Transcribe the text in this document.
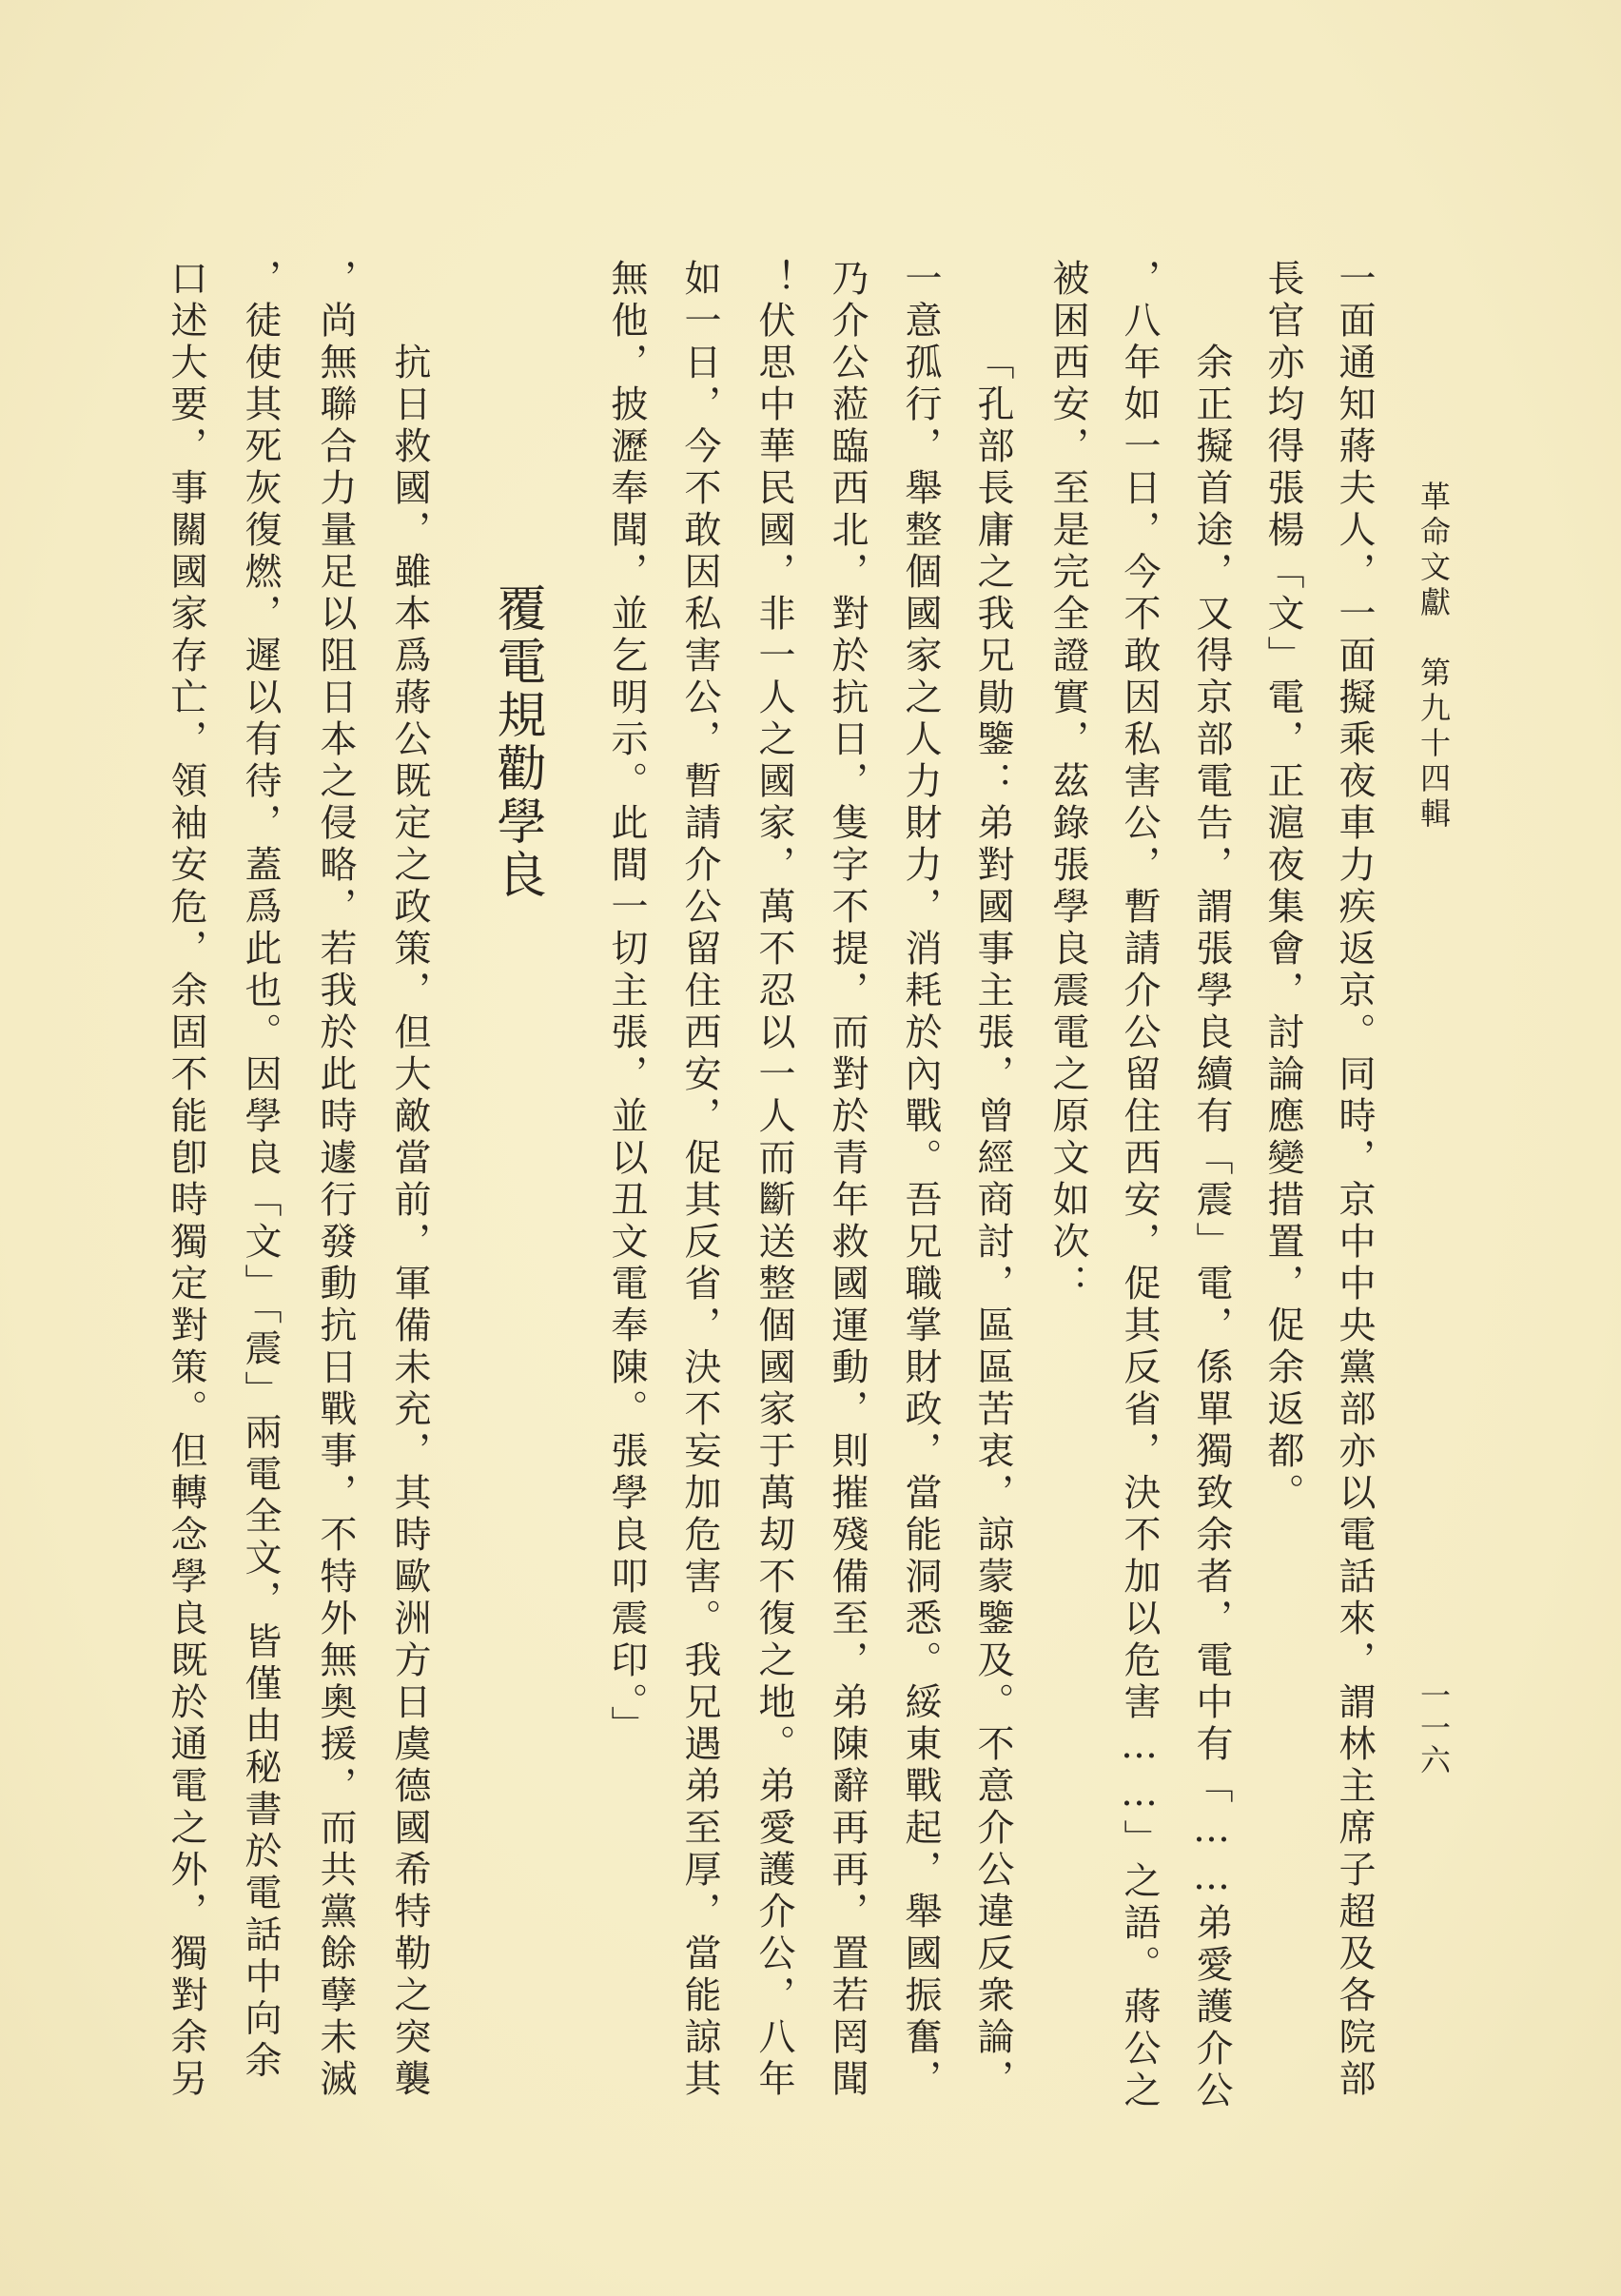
革命文獻　第九十四輯
一一六
一面通知蔣夫人，一面擬乘夜車力疾返京。同時，京中中央黨部亦以電話來，謂林主席子超及各院部
長官亦均得張楊「文」電，正滬夜集會，討論應變措置，促余返都。
余正擬首途，又得京部電告，謂張學良續有「震」電，係單獨致余者，電中有「……弟愛護介公
，八年如一日，今不敢因私害公，暫請介公留住西安，促其反省，決不加以危害……」之語。蔣公之
被困西安，至是完全證實，茲錄張學良震電之原文如次：
「孔部長庸之我兄勛鑒：弟對國事主張，曾經商討，區區苦衷，諒蒙鑒及。不意介公違反衆論，
一意孤行，舉整個國家之人力財力，消耗於內戰。吾兄職掌財政，當能洞悉。綏東戰起，舉國振奮，
乃介公蒞臨西北，對於抗日，隻字不提，而對於青年救國運動，則摧殘備至，弟陳辭再再，置若罔聞
！伏思中華民國，非一人之國家，萬不忍以一人而斷送整個國家于萬刧不復之地。弟愛護介公，八年
如一日，今不敢因私害公，暫請介公留住西安，促其反省，決不妄加危害。我兄遇弟至厚，當能諒其
無他，披瀝奉聞，並乞明示。此間一切主張，並以丑文電奉陳。張學良叩震印。」
覆電規勸學良
抗日救國，雖本爲蔣公既定之政策，但大敵當前，軍備未充，其時歐洲方日虞德國希特勒之突襲
，尚無聯合力量足以阻日本之侵略，若我於此時遽行發動抗日戰事，不特外無奧援，而共黨餘孽未滅
，徒使其死灰復燃，遲以有待，蓋爲此也。因學良「文」「震」兩電全文，皆僅由秘書於電話中向余
口述大要，事關國家存亡，領袖安危，余固不能卽時獨定對策。但轉念學良既於通電之外，獨對余另
